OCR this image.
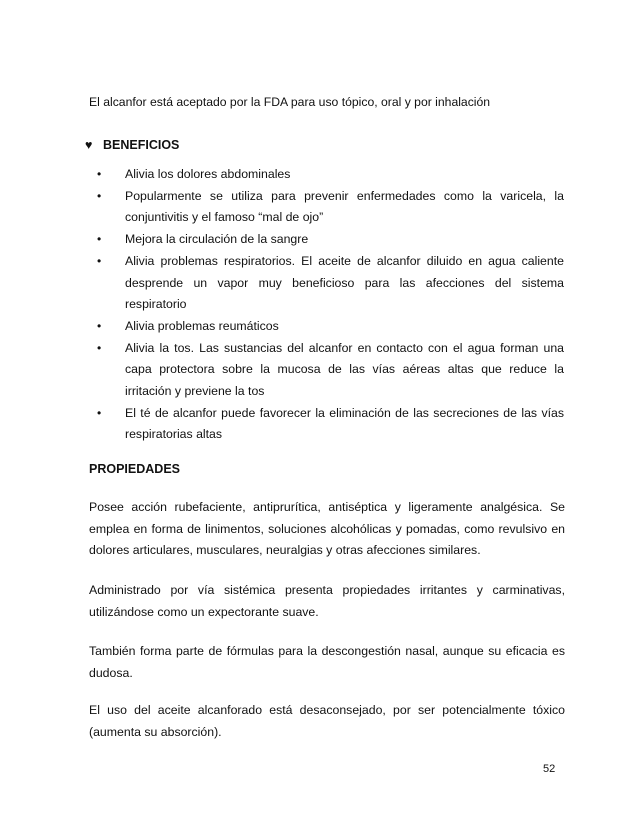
El alcanfor está aceptado por la FDA para uso tópico, oral y por inhalación
♥ BENEFICIOS
• Alivia los dolores abdominales
• Popularmente se utiliza para prevenir enfermedades como la varicela, la conjuntivitis y el famoso “mal de ojo”
• Mejora la circulación de la sangre
• Alivia problemas respiratorios. El aceite de alcanfor diluido en agua caliente desprende un vapor muy beneficioso para las afecciones del sistema respiratorio
• Alivia problemas reumáticos
• Alivia la tos. Las sustancias del alcanfor en contacto con el agua forman una capa protectora sobre la mucosa de las vías aéreas altas que reduce la irritación y previene la tos
• El té de alcanfor puede favorecer la eliminación de las secreciones de las vías respiratorias altas
PROPIEDADES

Posee acción rubefaciente, antiprurítica, antiséptica y ligeramente analgésica. Se emplea en forma de linimentos, soluciones alcohólicas y pomadas, como revulsivo en dolores articulares, musculares, neuralgias y otras afecciones similares.

Administrado por vía sistémica presenta propiedades irritantes y carminativas, utilizándose como un expectorante suave.

También forma parte de fórmulas para la descongestión nasal, aunque su eficacia es dudosa.

El uso del aceite alcanforado está desaconsejado, por ser potencialmente tóxico (aumenta su absorción).

52
